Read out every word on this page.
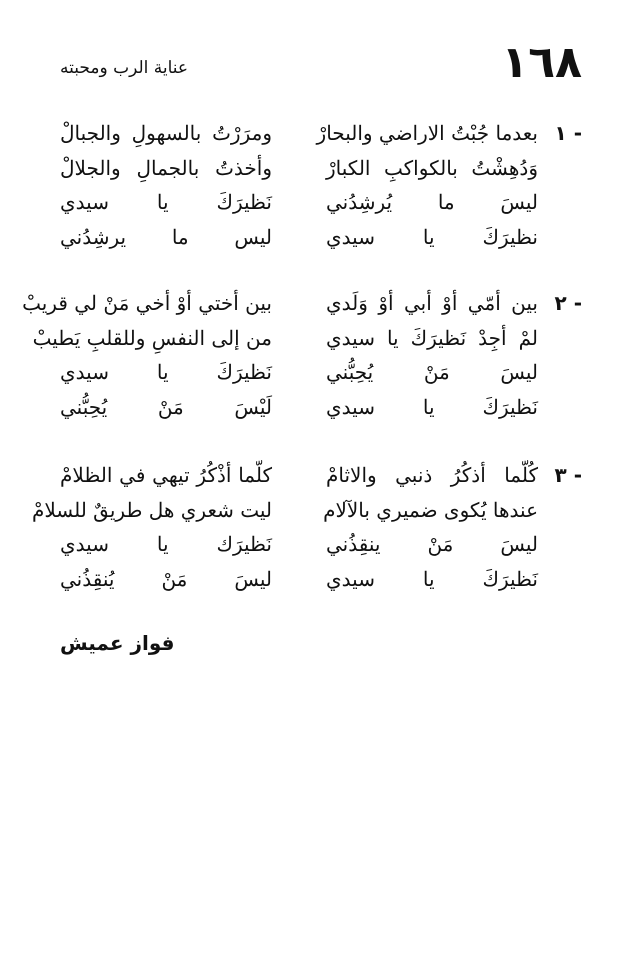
١٦٨
عناية الرب ومحبته
١ -
بعدما جُبْتُ الاراضي والبحارْ
ومرَرْتُ بالسهولِ والجبالْ
وَدُهِشْتُ بالكواكبِ الكبارْ
وأخذتُ بالجمالِ والجلالْ
ليسَ ما يُرشِدُني
نَظيرَكَ يا سيدي
نظيرَكَ يا سيدي
ليس ما يرشِدُني
٢ -
بين أمّي أوْ أبي أوْ وَلَدي
بين أختي أوْ أخي مَنْ لي قريبْ
لمْ أجِدْ نَظيرَكَ يا سيدي
من إلى النفسِ وللقلبِ يَطيبْ
ليسَ مَنْ يُحِبُّني
نَظيرَكَ يا سيدي
نَظيرَكَ يا سيدي
لَيْسَ مَنْ يُحِبُّني
٣ -
كُلّما أذكُرُ ذنبي والاثامْ
كلّما أذْكُرُ تيهي في الظلامْ
عندها يُكوى ضميري بالآلام
ليت شعري هل طريقٌ للسلامْ
ليسَ مَنْ ينقِذُني
نَظيرَك يا سيدي
نَظيرَكَ يا سيدي
ليسَ مَنْ يُنقِذُني
فواز عميش
